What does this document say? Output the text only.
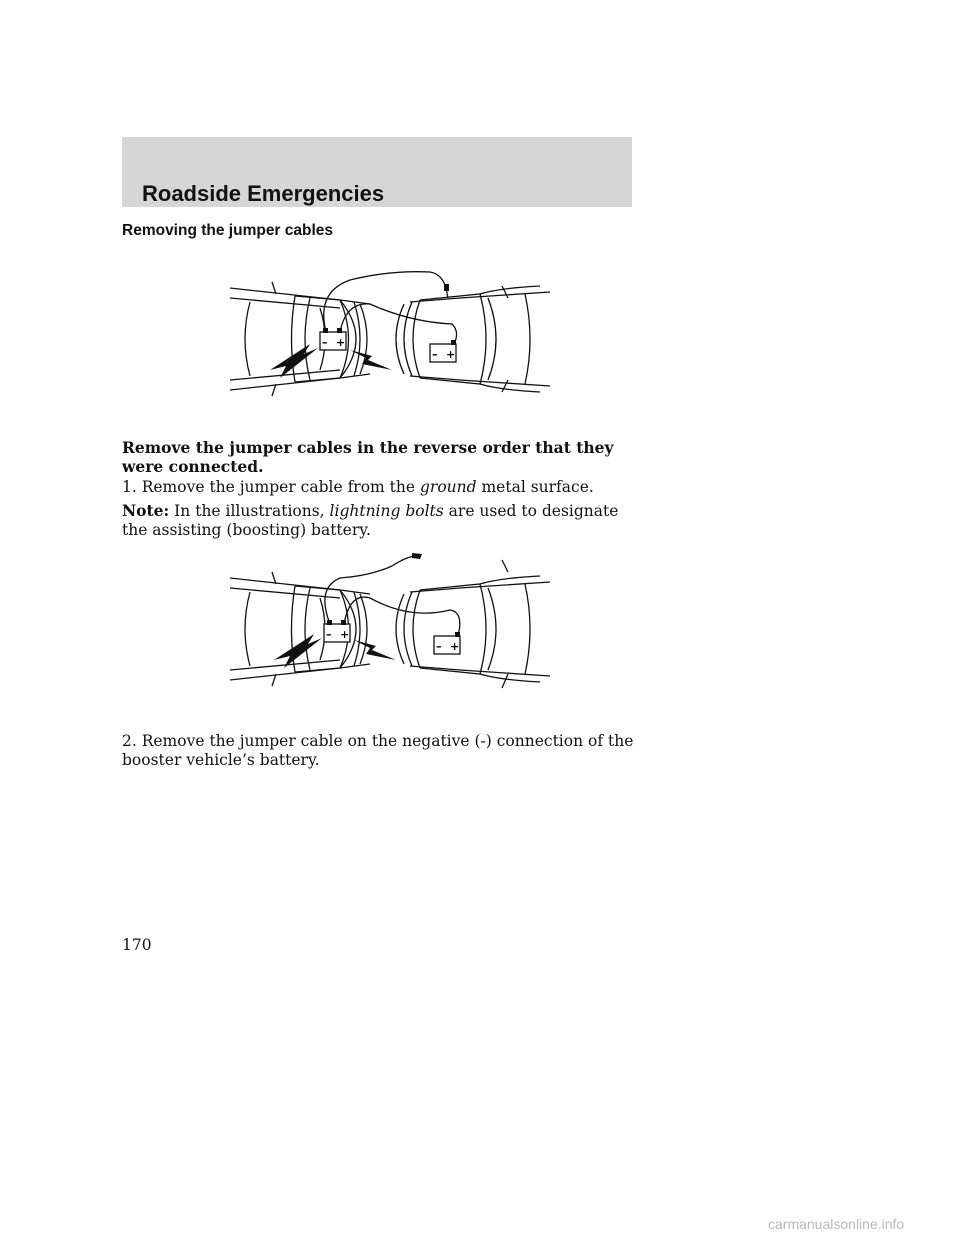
Roadside Emergencies
Removing the jumper cables
– +
– +
Remove the jumper cables in the reverse order that they were connected.
1. Remove the jumper cable from the ground metal surface.
Note: In the illustrations, lightning bolts are used to designate the assisting (boosting) battery.
– +
– +
2. Remove the jumper cable on the negative (-) connection of the booster vehicle’s battery.
170
carmanualsonline.info
